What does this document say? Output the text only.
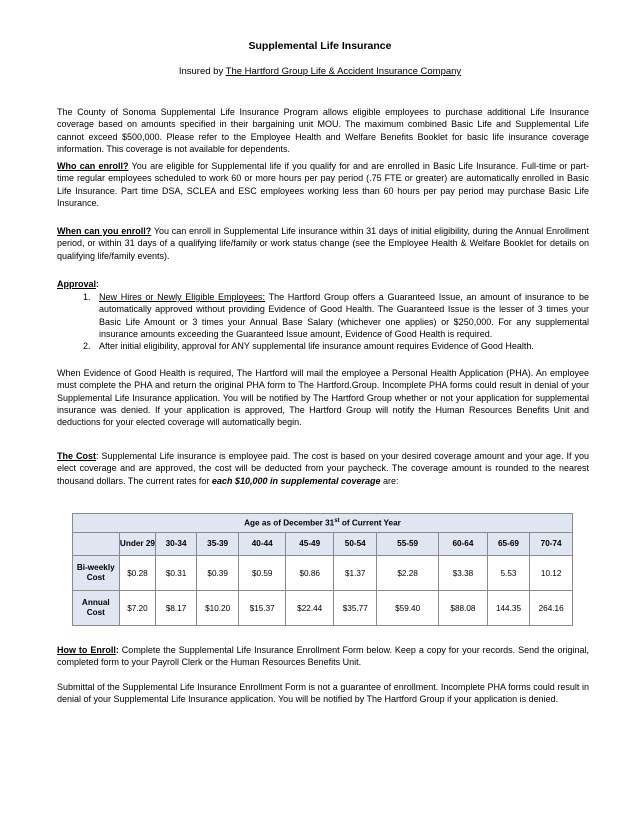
Supplemental Life Insurance
Insured by The Hartford Group Life & Accident Insurance Company

The County of Sonoma Supplemental Life Insurance Program allows eligible employees to purchase additional Life Insurance coverage based on amounts specified in their bargaining unit MOU. The maximum combined Basic Life and Supplemental Life cannot exceed $500,000. Please refer to the Employee Health and Welfare Benefits Booklet for basic life insurance coverage information. This coverage is not available for dependents.

Who can enroll? You are eligible for Supplemental life if you qualify for and are enrolled in Basic Life Insurance. Full-time or part-time regular employees scheduled to work 60 or more hours per pay period (.75 FTE or greater) are automatically enrolled in Basic Life Insurance. Part time DSA, SCLEA and ESC employees working less than 60 hours per pay period may purchase Basic Life Insurance.

When can you enroll? You can enroll in Supplemental Life insurance within 31 days of initial eligibility, during the Annual Enrollment period, or within 31 days of a qualifying life/family or work status change (see the Employee Health & Welfare Booklet for details on qualifying life/family events).

Approval:

1. New Hires or Newly Eligible Employees: The Hartford Group offers a Guaranteed Issue, an amount of insurance to be automatically approved without providing Evidence of Good Health. The Guaranteed Issue is the lesser of 3 times your Basic Life Amount or 3 times your Annual Base Salary (whichever one applies) or $250,000. For any supplemental insurance amounts exceeding the Guaranteed Issue amount, Evidence of Good Health is required.
2. After initial eligibility, approval for ANY supplemental life insurance amount requires Evidence of Good Health.

When Evidence of Good Health is required, The Hartford will mail the employee a Personal Health Application (PHA). An employee must complete the PHA and return the original PHA form to The Hartford.Group. Incomplete PHA forms could result in denial of your Supplemental Life Insurance application. You will be notified by The Hartford Group whether or not your application for supplemental insurance was denied. If your application is approved, The Hartford Group will notify the Human Resources Benefits Unit and deductions for your elected coverage will automatically begin.

The Cost: Supplemental Life insurance is employee paid. The cost is based on your desired coverage amount and your age. If you elect coverage and are approved, the cost will be deducted from your paycheck. The coverage amount is rounded to the nearest thousand dollars. The current rates for each $10,000 in supplemental coverage are:

Age as of December 31st of Current Year										
	Under 29	30-34	35-39	40-44	45-49	50-54	55-59	60-64	65-69	70-74
Bi-weekly Cost	$0.28	$0.31	$0.39	$0.59	$0.86	$1.37	$2.28	$3.38	5.53	10.12
Annual Cost	$7.20	$8.17	$10.20	$15.37	$22.44	$35.77	$59.40	$88.08	144.35	264.16

How to Enroll: Complete the Supplemental Life Insurance Enrollment Form below. Keep a copy for your records. Send the original, completed form to your Payroll Clerk or the Human Resources Benefits Unit.

Submittal of the Supplemental Life Insurance Enrollment Form is not a guarantee of enrollment. Incomplete PHA forms could result in denial of your Supplemental Life Insurance application. You will be notified by The Hartford Group if your application is denied.
